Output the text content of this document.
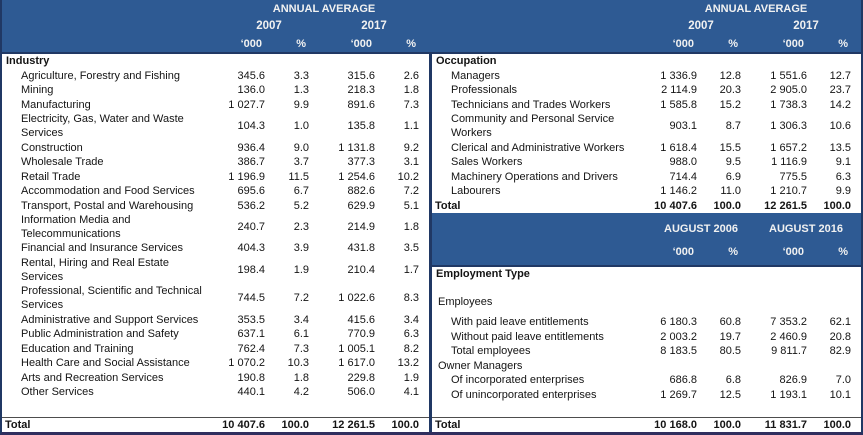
ANNUAL AVERAGE
2007	2017
‘000	%	‘000	%
ANNUAL AVERAGE
2007	2017
‘000	%	‘000	%
Industry
Agriculture, Forestry and Fishing	345.6	3.3	315.6	2.6
Mining	136.0	1.3	218.3	1.8
Manufacturing	1 027.7	9.9	891.6	7.3
Electricity, Gas, Water and Waste Services
104.3	1.0	135.8	1.1
Construction	936.4	9.0	1 131.8	9.2
Wholesale Trade	386.7	3.7	377.3	3.1
Retail Trade	1 196.9	11.5	1 254.6	10.2
Accommodation and Food Services	695.6	6.7	882.6	7.2
Transport, Postal and Warehousing	536.2	5.2	629.9	5.1
Information Media and Telecommunications
240.7	2.3	214.9	1.8
Financial and Insurance Services	404.3	3.9	431.8	3.5
Rental, Hiring and Real Estate Services
198.4	1.9	210.4	1.7
Professional, Scientific and Technical Services
744.5	7.2	1 022.6	8.3
Administrative and Support Services	353.5	3.4	415.6	3.4
Public Administration and Safety	637.1	6.1	770.9	6.3
Education and Training	762.4	7.3	1 005.1	8.2
Health Care and Social Assistance	1 070.2	10.3	1 617.0	13.2
Arts and Recreation Services	190.8	1.8	229.8	1.9
Other Services	440.1	4.2	506.0	4.1
Total	10 407.6	100.0	12 261.5	100.0
Occupation
Managers	1 336.9	12.8	1 551.6	12.7
Professionals	2 114.9	20.3	2 905.0	23.7
Technicians and Trades Workers	1 585.8	15.2	1 738.3	14.2
Community and Personal Service Workers
903.1	8.7	1 306.3	10.6
Clerical and Administrative Workers	1 618.4	15.5	1 657.2	13.5
Sales Workers	988.0	9.5	1 116.9	9.1
Machinery Operations and Drivers	714.4	6.9	775.5	6.3
Labourers	1 146.2	11.0	1 210.7	9.9
Total	10 407.6	100.0	12 261.5	100.0
AUGUST 2006	AUGUST 2016
‘000	%	‘000	%
Employment Type
Employees
With paid leave entitlements	6 180.3	60.8	7 353.2	62.1
Without paid leave entitlements	2 003.2	19.7	2 460.9	20.8
Total employees	8 183.5	80.5	9 811.7	82.9
Owner Managers
Of incorporated enterprises	686.8	6.8	826.9	7.0
Of unincorporated enterprises	1 269.7	12.5	1 193.1	10.1
Total	10 168.0	100.0	11 831.7	100.0
